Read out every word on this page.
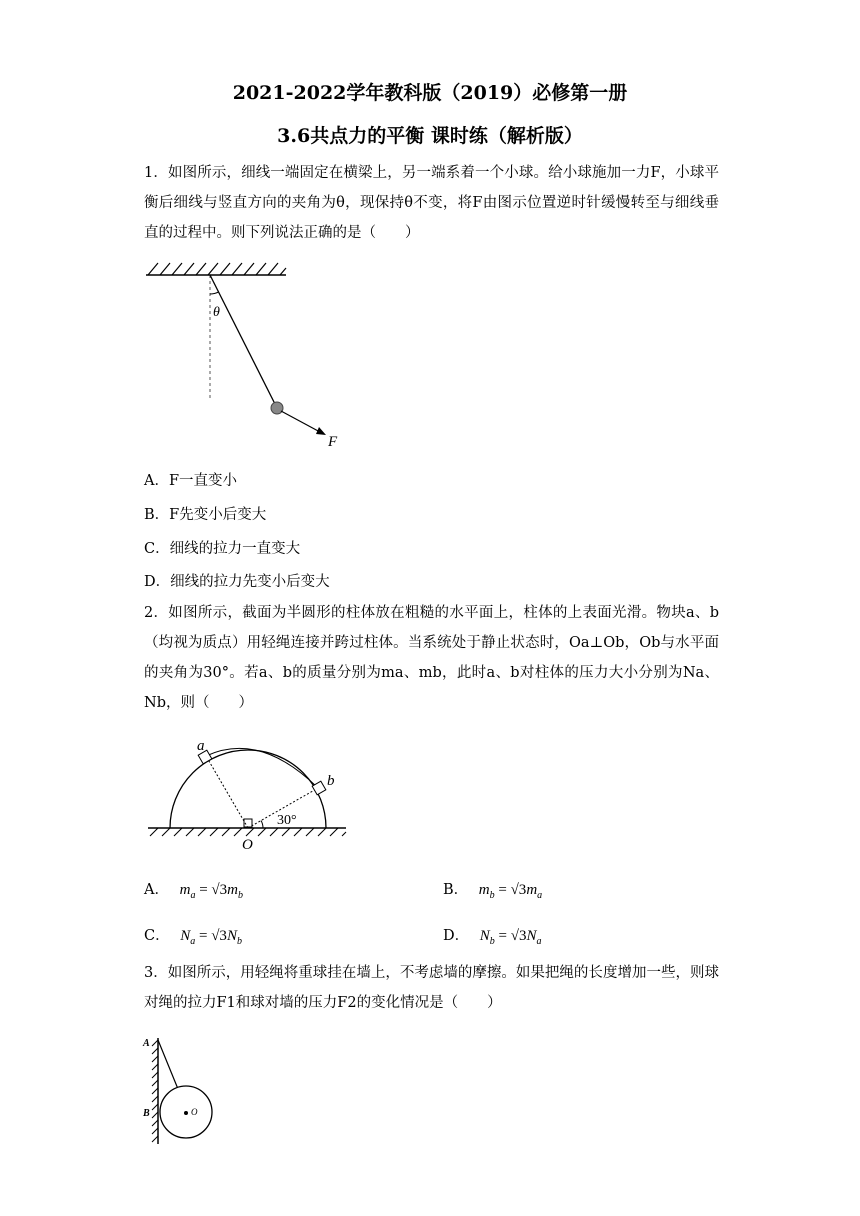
2021-2022学年教科版（2019）必修第一册
3.6共点力的平衡 课时练（解析版）
1．如图所示，细线一端固定在横梁上，另一端系着一个小球。给小球施加一力F，小球平衡后细线与竖直方向的夹角为θ，现保持θ不变，将F由图示位置逆时针缓慢转至与细线垂直的过程中。则下列说法正确的是（　　）
θ
F
A．F一直变小
B．F先变小后变大
C．细线的拉力一直变大
D．细线的拉力先变小后变大
2．如图所示，截面为半圆形的柱体放在粗糙的水平面上，柱体的上表面光滑。物块a、b（均视为质点）用轻绳连接并跨过柱体。当系统处于静止状态时，Oa⊥Ob，Ob与水平面的夹角为30°。若a、b的质量分别为ma、mb，此时a、b对柱体的压力大小分别为Na、Nb，则（　　）
a
b
30°
O
A． $m_a = √3m_b$	B． $m_b = √3m_a$
C． $N_a = √3N_b$	D． $N_b = √3N_a$
3．如图所示，用轻绳将重球挂在墙上，不考虑墙的摩擦。如果把绳的长度增加一些，则球对绳的拉力F1和球对墙的压力F2的变化情况是（　　）
O
A
B
